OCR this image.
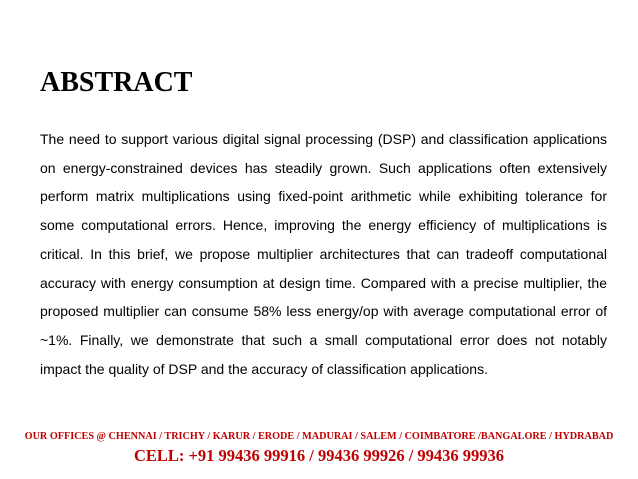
ABSTRACT
The need to support various digital signal processing (DSP) and classification applications on energy-constrained devices has steadily grown. Such applications often extensively perform matrix multiplications using fixed-point arithmetic while exhibiting tolerance for some computational errors. Hence, improving the energy efficiency of multiplications is critical. In this brief, we propose multiplier architectures that can tradeoff computational accuracy with energy consumption at design time. Compared with a precise multiplier, the proposed multiplier can consume 58% less energy/op with average computational error of ~1%. Finally, we demonstrate that such a small computational error does not notably impact the quality of DSP and the accuracy of classification applications.
OUR OFFICES @ CHENNAI / TRICHY / KARUR / ERODE / MADURAI / SALEM / COIMBATORE /BANGALORE / HYDRABAD
CELL: +91 99436 99916 / 99436 99926 / 99436 99936
